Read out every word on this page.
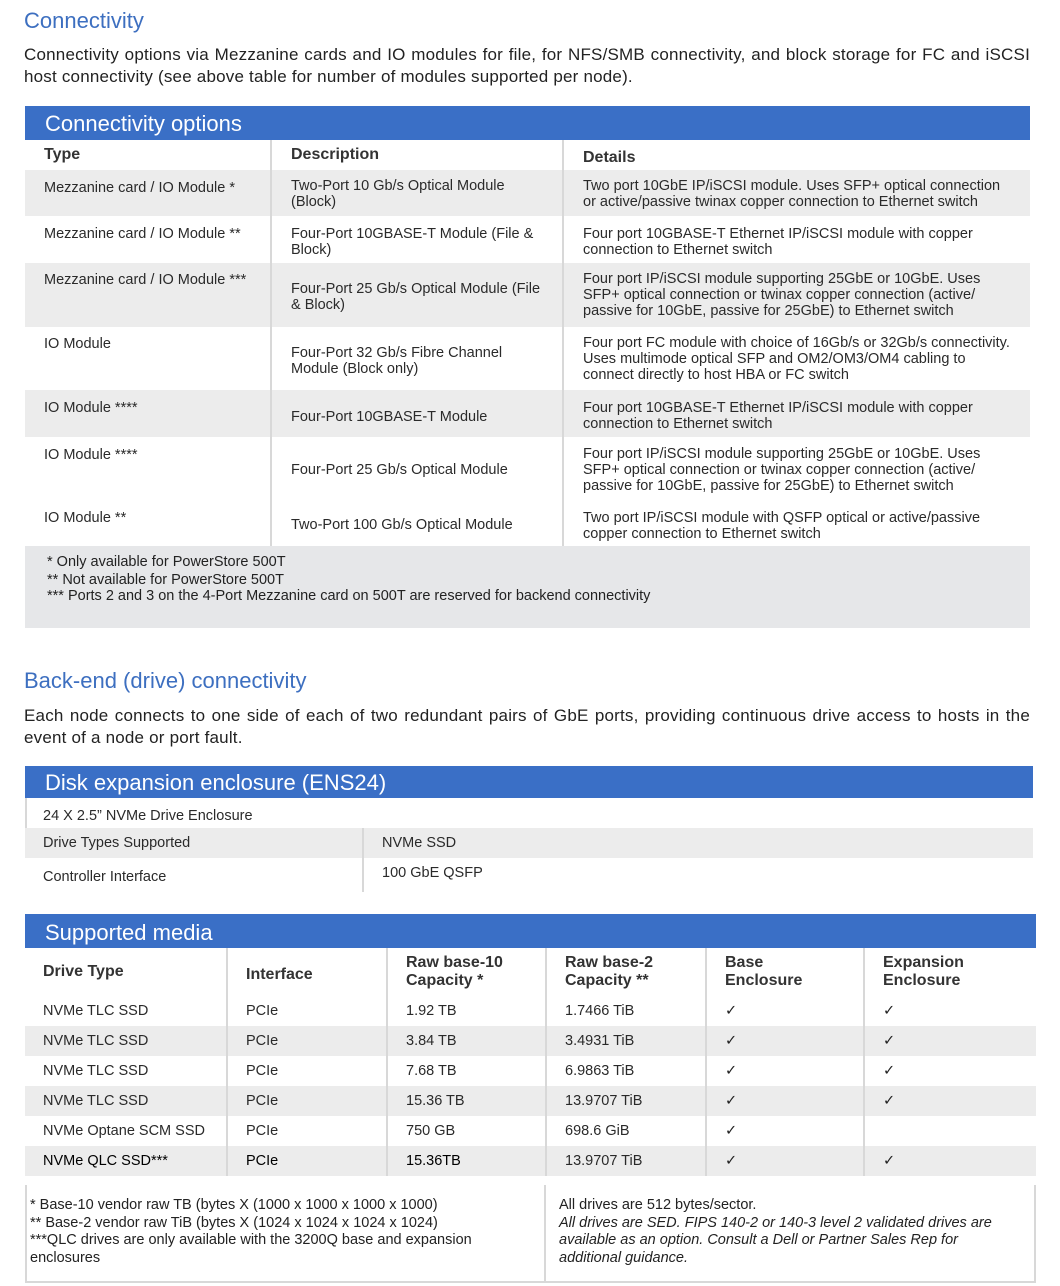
Connectivity
Connectivity options via Mezzanine cards and IO modules for file, for NFS/SMB connectivity, and block storage for FC and iSCSI host connectivity (see above table for number of modules supported per node).
Connectivity options
Type	Description	Details
Mezzanine card / IO Module *	Two-Port 10 Gb/s Optical Module (Block)	Two port 10GbE IP/iSCSI module. Uses SFP+ optical connection or active/passive twinax copper connection to Ethernet switch
Mezzanine card / IO Module **	Four-Port 10GBASE-T Module (File & Block)	Four port 10GBASE-T Ethernet IP/iSCSI module with copper connection to Ethernet switch
Mezzanine card / IO Module ***	Four-Port 25 Gb/s Optical Module (File & Block)	Four port IP/iSCSI module supporting 25GbE or 10GbE. Uses SFP+ optical connection or twinax copper connection (active/ passive for 10GbE, passive for 25GbE) to Ethernet switch
IO Module	Four-Port 32 Gb/s Fibre Channel Module (Block only)	Four port FC module with choice of 16Gb/s or 32Gb/s connectivity. Uses multimode optical SFP and OM2/OM3/OM4 cabling to connect directly to host HBA or FC switch
IO Module ****	Four-Port 10GBASE-T Module	Four port 10GBASE-T Ethernet IP/iSCSI module with copper connection to Ethernet switch
IO Module ****	Four-Port 25 Gb/s Optical Module	Four port IP/iSCSI module supporting 25GbE or 10GbE. Uses SFP+ optical connection or twinax copper connection (active/ passive for 10GbE, passive for 25GbE) to Ethernet switch
IO Module **	Two-Port 100 Gb/s Optical Module	Two port IP/iSCSI module with QSFP optical or active/passive copper connection to Ethernet switch
* Only available for PowerStore 500T
** Not available for PowerStore 500T
*** Ports 2 and 3 on the 4-Port Mezzanine card on 500T are reserved for backend connectivity
Back-end (drive) connectivity
Each node connects to one side of each of two redundant pairs of GbE ports, providing continuous drive access to hosts in the event of a node or port fault.
Disk expansion enclosure (ENS24)
24 X 2.5” NVMe Drive Enclosure
Drive Types Supported	NVMe SSD
Controller Interface	100 GbE QSFP
Supported media
Drive Type	Interface	Raw base-10 Capacity *	Raw base-2 Capacity **	Base Enclosure	Expansion Enclosure
NVMe TLC SSD	PCIe	1.92 TB	1.7466 TiB	✓	✓
NVMe TLC SSD	PCIe	3.84 TB	3.4931 TiB	✓	✓
NVMe TLC SSD	PCIe	7.68 TB	6.9863 TiB	✓	✓
NVMe TLC SSD	PCIe	15.36 TB	13.9707 TiB	✓	✓
NVMe Optane SCM SSD	PCIe	750 GB	698.6 GiB	✓	
NVMe QLC SSD***	PCIe	15.36TB	13.9707 TiB	✓	✓
* Base-10 vendor raw TB (bytes X (1000 x 1000 x 1000 x 1000)
** Base-2 vendor raw TiB (bytes X (1024 x 1024 x 1024 x 1024)
***QLC drives are only available with the 3200Q base and expansion enclosures
All drives are 512 bytes/sector.
All drives are SED. FIPS 140-2 or 140-3 level 2 validated drives are available as an option. Consult a Dell or Partner Sales Rep for additional guidance.
